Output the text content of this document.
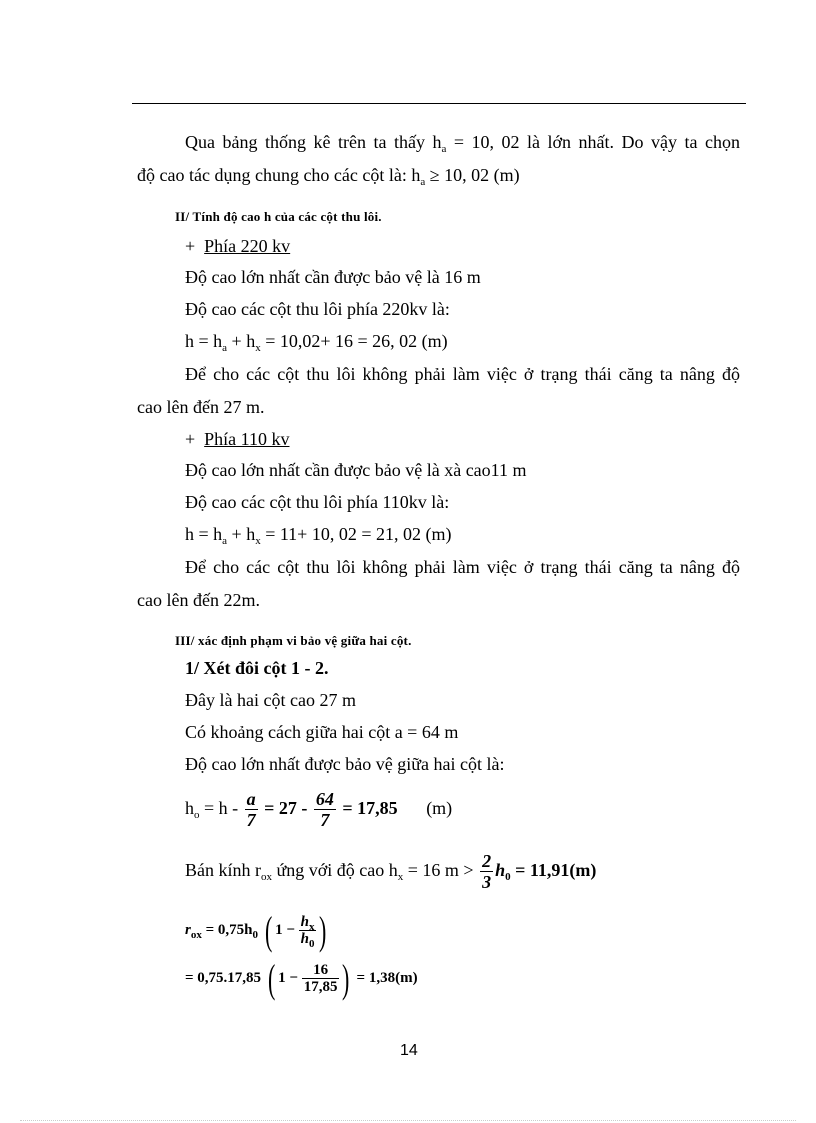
Qua bảng thống kê trên ta thấy $h_a = 10$, 02 là lớn nhất. Do vậy ta chọn
độ cao tác dụng chung cho các cột là: $h_a \ge 10$, 02 (m)
II/ Tính độ cao h của các cột thu lôi.
+ Phía 220 kv
Độ cao lớn nhất cần được bảo vệ là 16 m
Độ cao các cột thu lôi phía 220kv là:
$h = h_a + h_x = 10,02+ 16 = 26$, 02 (m)
Để cho các cột thu lôi không phải làm việc ở trạng thái căng ta nâng độ
cao lên đến 27 m.
+ Phía 110 kv
Độ cao lớn nhất cần được bảo vệ là xà cao11 m
Độ cao các cột thu lôi phía 110kv là:
$h = h_a + h_x = 11+ 10$, 02 = 21, 02 (m)
Để cho các cột thu lôi không phải làm việc ở trạng thái căng ta nâng độ
cao lên đến 22m.
III/ xác định phạm vi bảo vệ giữa hai cột.
1/ Xét đôi cột 1 - 2.
Đây là hai cột cao 27 m
Có khoảng cách giữa hai cột a = 64 m
Độ cao lớn nhất được bảo vệ giữa hai cột là:
$h_o = h - \frac{a}{7} = 27 - \frac{64}{7} = 17,85$ (m)
Bán kính $r_{ox}$ ứng với độ cao $h_x = 16$ $m > \frac{2}{3} h_0 = 11,91(m)$
$r_{ox} = 0,75h_0$ ( $1 - \frac{h_x}{h_0}$ )
= 0,75.17,85 ( $1 - \frac{16}{17,85}$ ) = 1,38(m)
14
